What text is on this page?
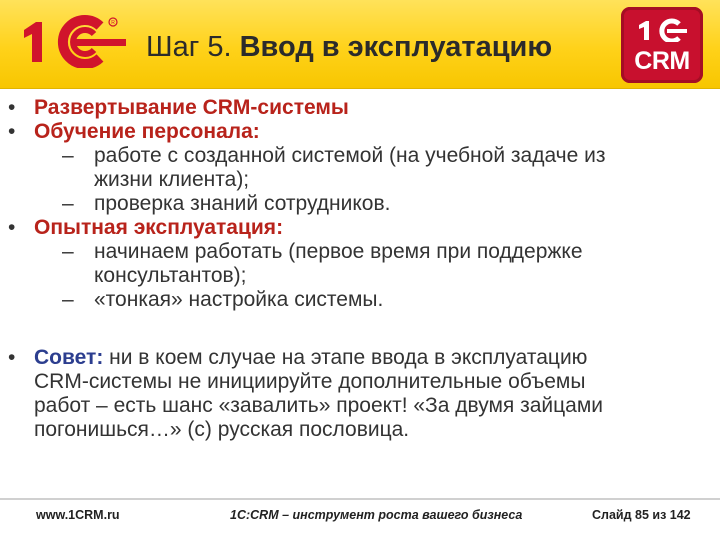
R
Шаг 5. Ввод в эксплуатацию	CRM
• Развертывание CRM-системы
• Обучение персонала:
– работе с созданной системой (на учебной задаче из
жизни клиента);
– проверка знаний сотрудников.
• Опытная эксплуатация:
– начинаем работать (первое время при поддержке
консультантов);
– «тонкая» настройка системы.
• Совет: ни в коем случае на этапе ввода в эксплуатацию
CRM-системы не инициируйте дополнительные объемы
работ – есть шанс «завалить» проект! «За двумя зайцами
погонишься…» (с) русская пословица.
www.1CRM.ru	1С:CRM – инструмент роста вашего бизнеса	Слайд 85 из 142
